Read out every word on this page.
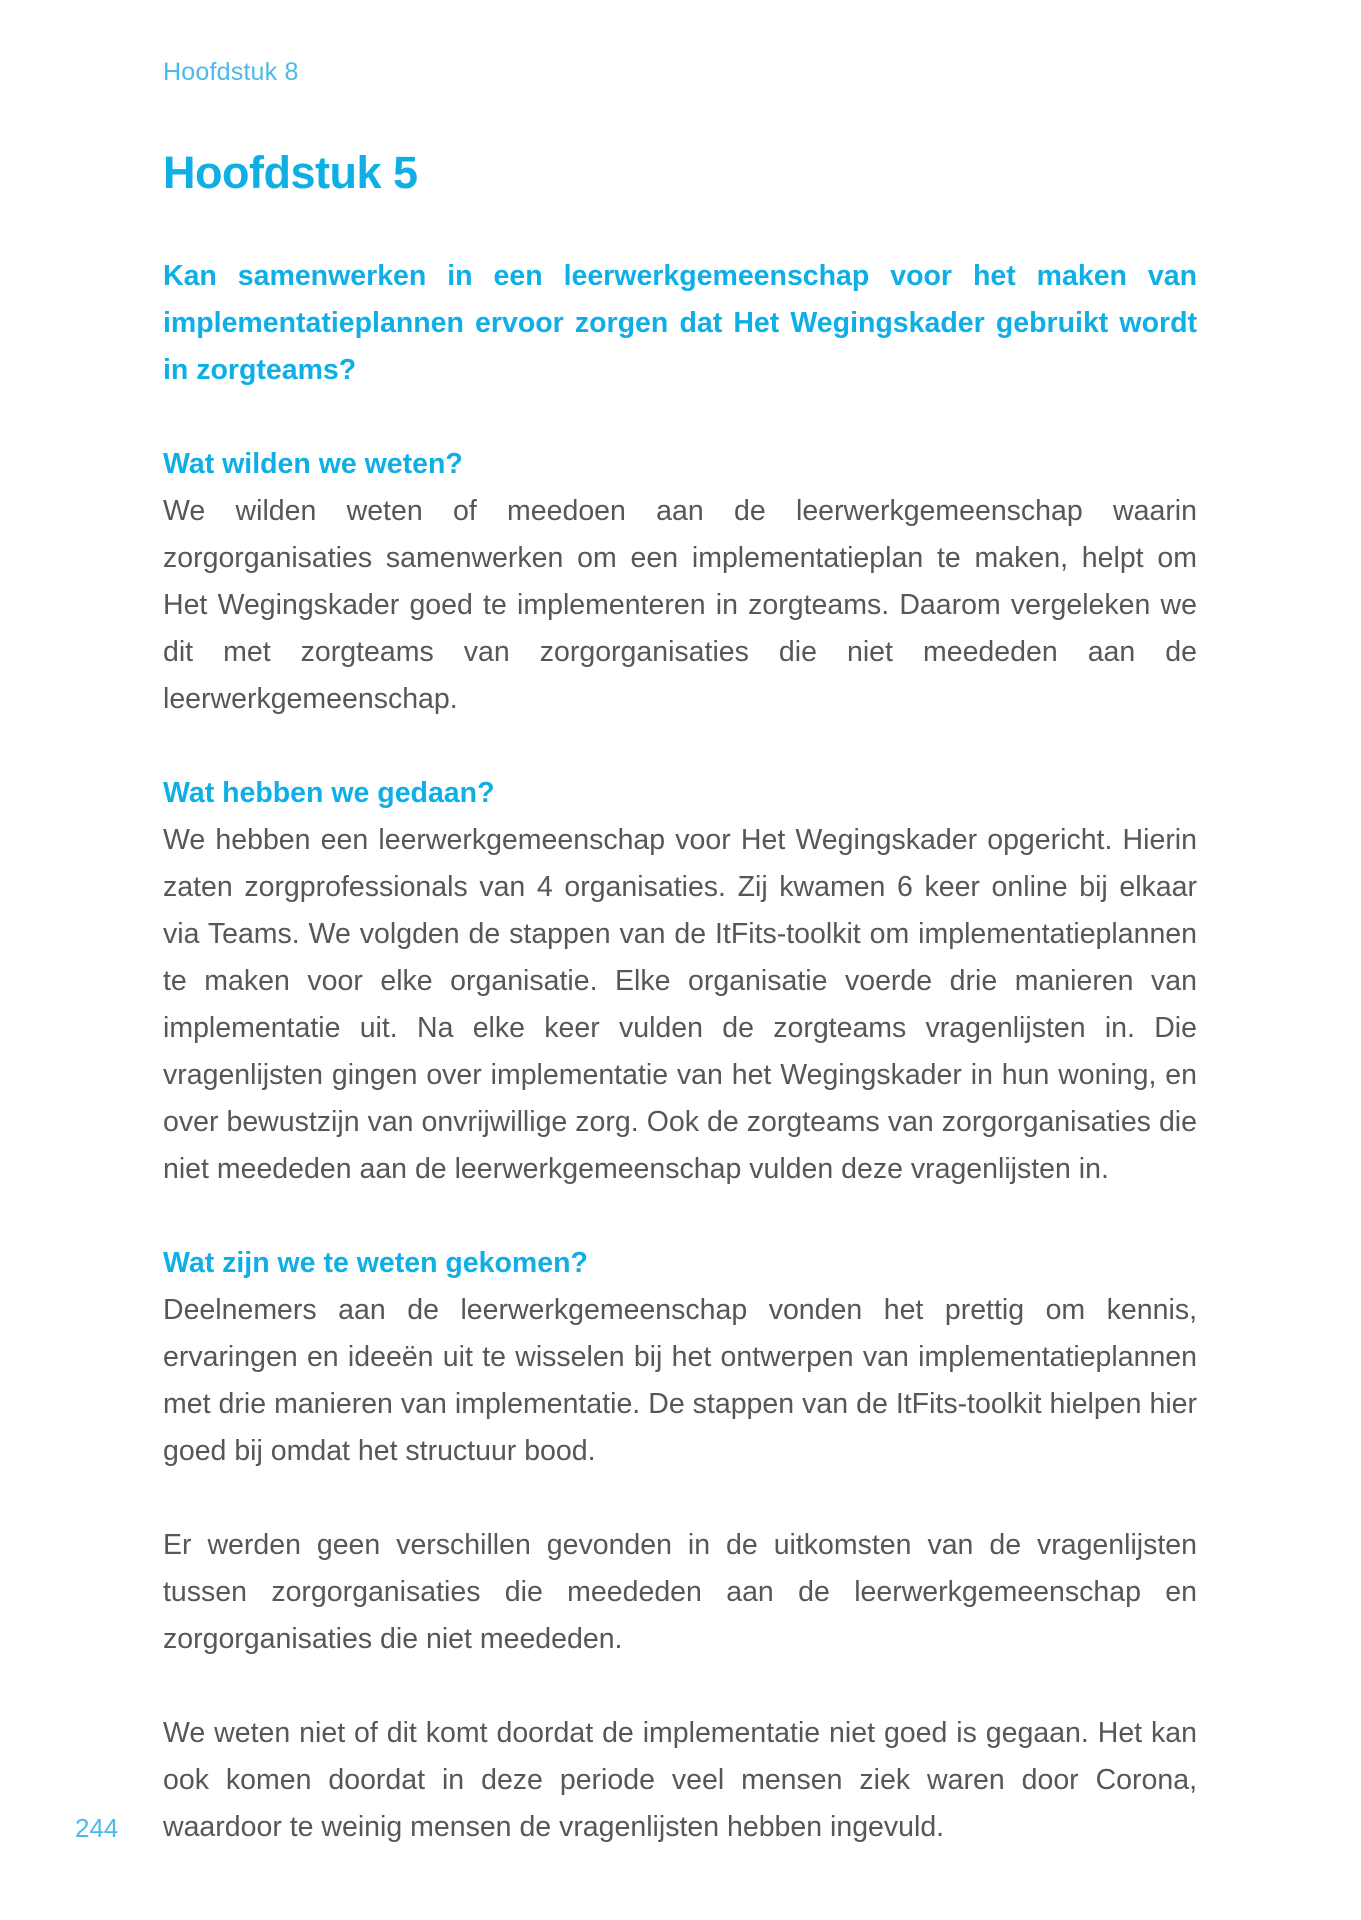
Hoofdstuk 8
Hoofdstuk 5

Kan samenwerken in een leerwerkgemeenschap voor het maken van implementatieplannen ervoor zorgen dat Het Wegingskader gebruikt wordt in zorgteams?

Wat wilden we weten?

We wilden weten of meedoen aan de leerwerkgemeenschap waarin zorgorganisaties samenwerken om een implementatieplan te maken, helpt om Het Wegingskader goed te implementeren in zorgteams. Daarom vergeleken we dit met zorgteams van zorgorganisaties die niet meededen aan de leerwerkgemeenschap.

Wat hebben we gedaan?

We hebben een leerwerkgemeenschap voor Het Wegingskader opgericht. Hierin zaten zorgprofessionals van 4 organisaties. Zij kwamen 6 keer online bij elkaar via Teams. We volgden de stappen van de ItFits-toolkit om implementatieplannen te maken voor elke organisatie. Elke organisatie voerde drie manieren van implementatie uit. Na elke keer vulden de zorgteams vragenlijsten in. Die vragenlijsten gingen over implementatie van het Wegingskader in hun woning, en over bewustzijn van onvrijwillige zorg. Ook de zorgteams van zorgorganisaties die niet meededen aan de leerwerkgemeenschap vulden deze vragenlijsten in.

Wat zijn we te weten gekomen?

Deelnemers aan de leerwerkgemeenschap vonden het prettig om kennis, ervaringen en ideeën uit te wisselen bij het ontwerpen van implementatieplannen met drie manieren van implementatie. De stappen van de ItFits-toolkit hielpen hier goed bij omdat het structuur bood.

Er werden geen verschillen gevonden in de uitkomsten van de vragenlijsten tussen zorgorganisaties die meededen aan de leerwerkgemeenschap en zorgorganisaties die niet meededen.

We weten niet of dit komt doordat de implementatie niet goed is gegaan. Het kan ook komen doordat in deze periode veel mensen ziek waren door Corona, waardoor te weinig mensen de vragenlijsten hebben ingevuld.

244
